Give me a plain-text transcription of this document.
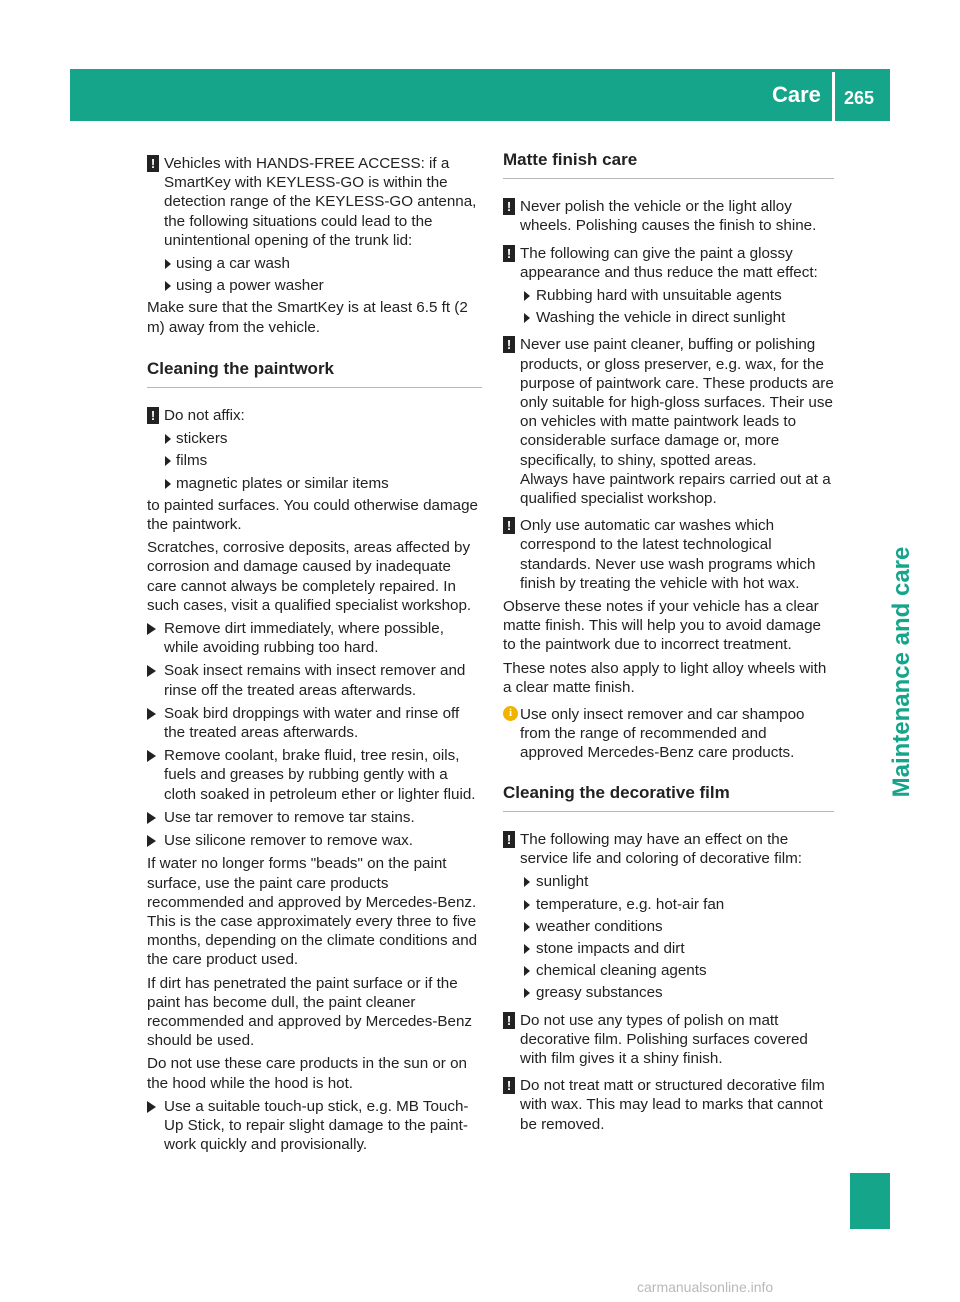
Care 265
Maintenance and care
! Vehicles with HANDS-FREE ACCESS: if a SmartKey with KEYLESS-GO is within the detection range of the KEYLESS-GO antenna, the following situations could lead to the unintentional opening of the trunk lid:
using a car wash
using a power washer

Make sure that the SmartKey is at least 6.5 ft (2 m) away from the vehicle.

Cleaning the paintwork
! Do not affix:
stickers
films
magnetic plates or similar items

to painted surfaces. You could otherwise damage the paintwork.

Scratches, corrosive deposits, areas affected by corrosion and damage caused by inadequate care cannot always be completely repaired. In such cases, visit a qualified specialist workshop.

Remove dirt immediately, where possible, while avoiding rubbing too hard.
Soak insect remains with insect remover and rinse off the treated areas afterwards.
Soak bird droppings with water and rinse off the treated areas afterwards.
Remove coolant, brake fluid, tree resin, oils, fuels and greases by rubbing gently with a cloth soaked in petroleum ether or lighter fluid.
Use tar remover to remove tar stains.
Use silicone remover to remove wax.

If water no longer forms "beads" on the paint surface, use the paint care products recommended and approved by Mercedes-Benz. This is the case approximately every three to five months, depending on the climate conditions and the care product used.

If dirt has penetrated the paint surface or if the paint has become dull, the paint cleaner recommended and approved by Mercedes-Benz should be used.

Do not use these care products in the sun or on the hood while the hood is hot.

Use a suitable touch-up stick, e.g. MB Touch-Up Stick, to repair slight damage to the paint-work quickly and provisionally.
Matte finish care
! Never polish the vehicle or the light alloy wheels. Polishing causes the finish to shine.
! The following can give the paint a glossy appearance and thus reduce the matt effect:
Rubbing hard with unsuitable agents
Washing the vehicle in direct sunlight
! Never use paint cleaner, buffing or polishing products, or gloss preserver, e.g. wax, for the purpose of paintwork care. These products are only suitable for high-gloss surfaces. Their use on vehicles with matte paintwork leads to considerable surface damage or, more specifically, to shiny, spotted areas.
Always have paintwork repairs carried out at a qualified specialist workshop.
! Only use automatic car washes which correspond to the latest technological standards. Never use wash programs which finish by treating the vehicle with hot wax.

Observe these notes if your vehicle has a clear matte finish. This will help you to avoid damage to the paintwork due to incorrect treatment.

These notes also apply to light alloy wheels with a clear matte finish.

i Use only insect remover and car shampoo from the range of recommended and approved Mercedes-Benz care products.
Cleaning the decorative film
! The following may have an effect on the service life and coloring of decorative film:
sunlight
temperature, e.g. hot-air fan
weather conditions
stone impacts and dirt
chemical cleaning agents
greasy substances
! Do not use any types of polish on matt decorative film. Polishing surfaces covered with film gives it a shiny finish.
! Do not treat matt or structured decorative film with wax. This may lead to marks that cannot be removed.
carmanualsonline.info
